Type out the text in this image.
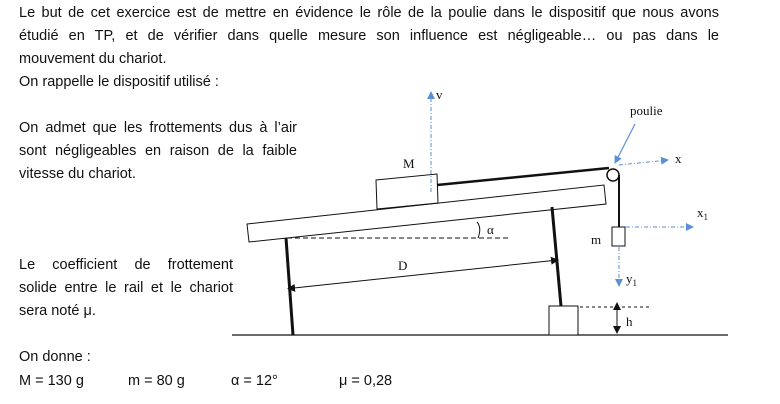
Le but de cet exercice est de mettre en évidence le rôle de la poulie dans le dispositif que nous avons
étudié en TP, et de vérifier dans quelle mesure son influence est négligeable… ou pas dans le
mouvement du chariot.
On rappelle le dispositif utilisé :
On admet que les frottements dus à l’air
sont négligeables en raison de la faible
vitesse du chariot.
Le coefficient de frottement
solide entre le rail et le chariot
sera noté μ.
On donne :
M = 130 g	m = 80 g	α = 12°	μ = 0,28
M
m
α
D
h
v
x
$x_1$
$y_1$
poulie
